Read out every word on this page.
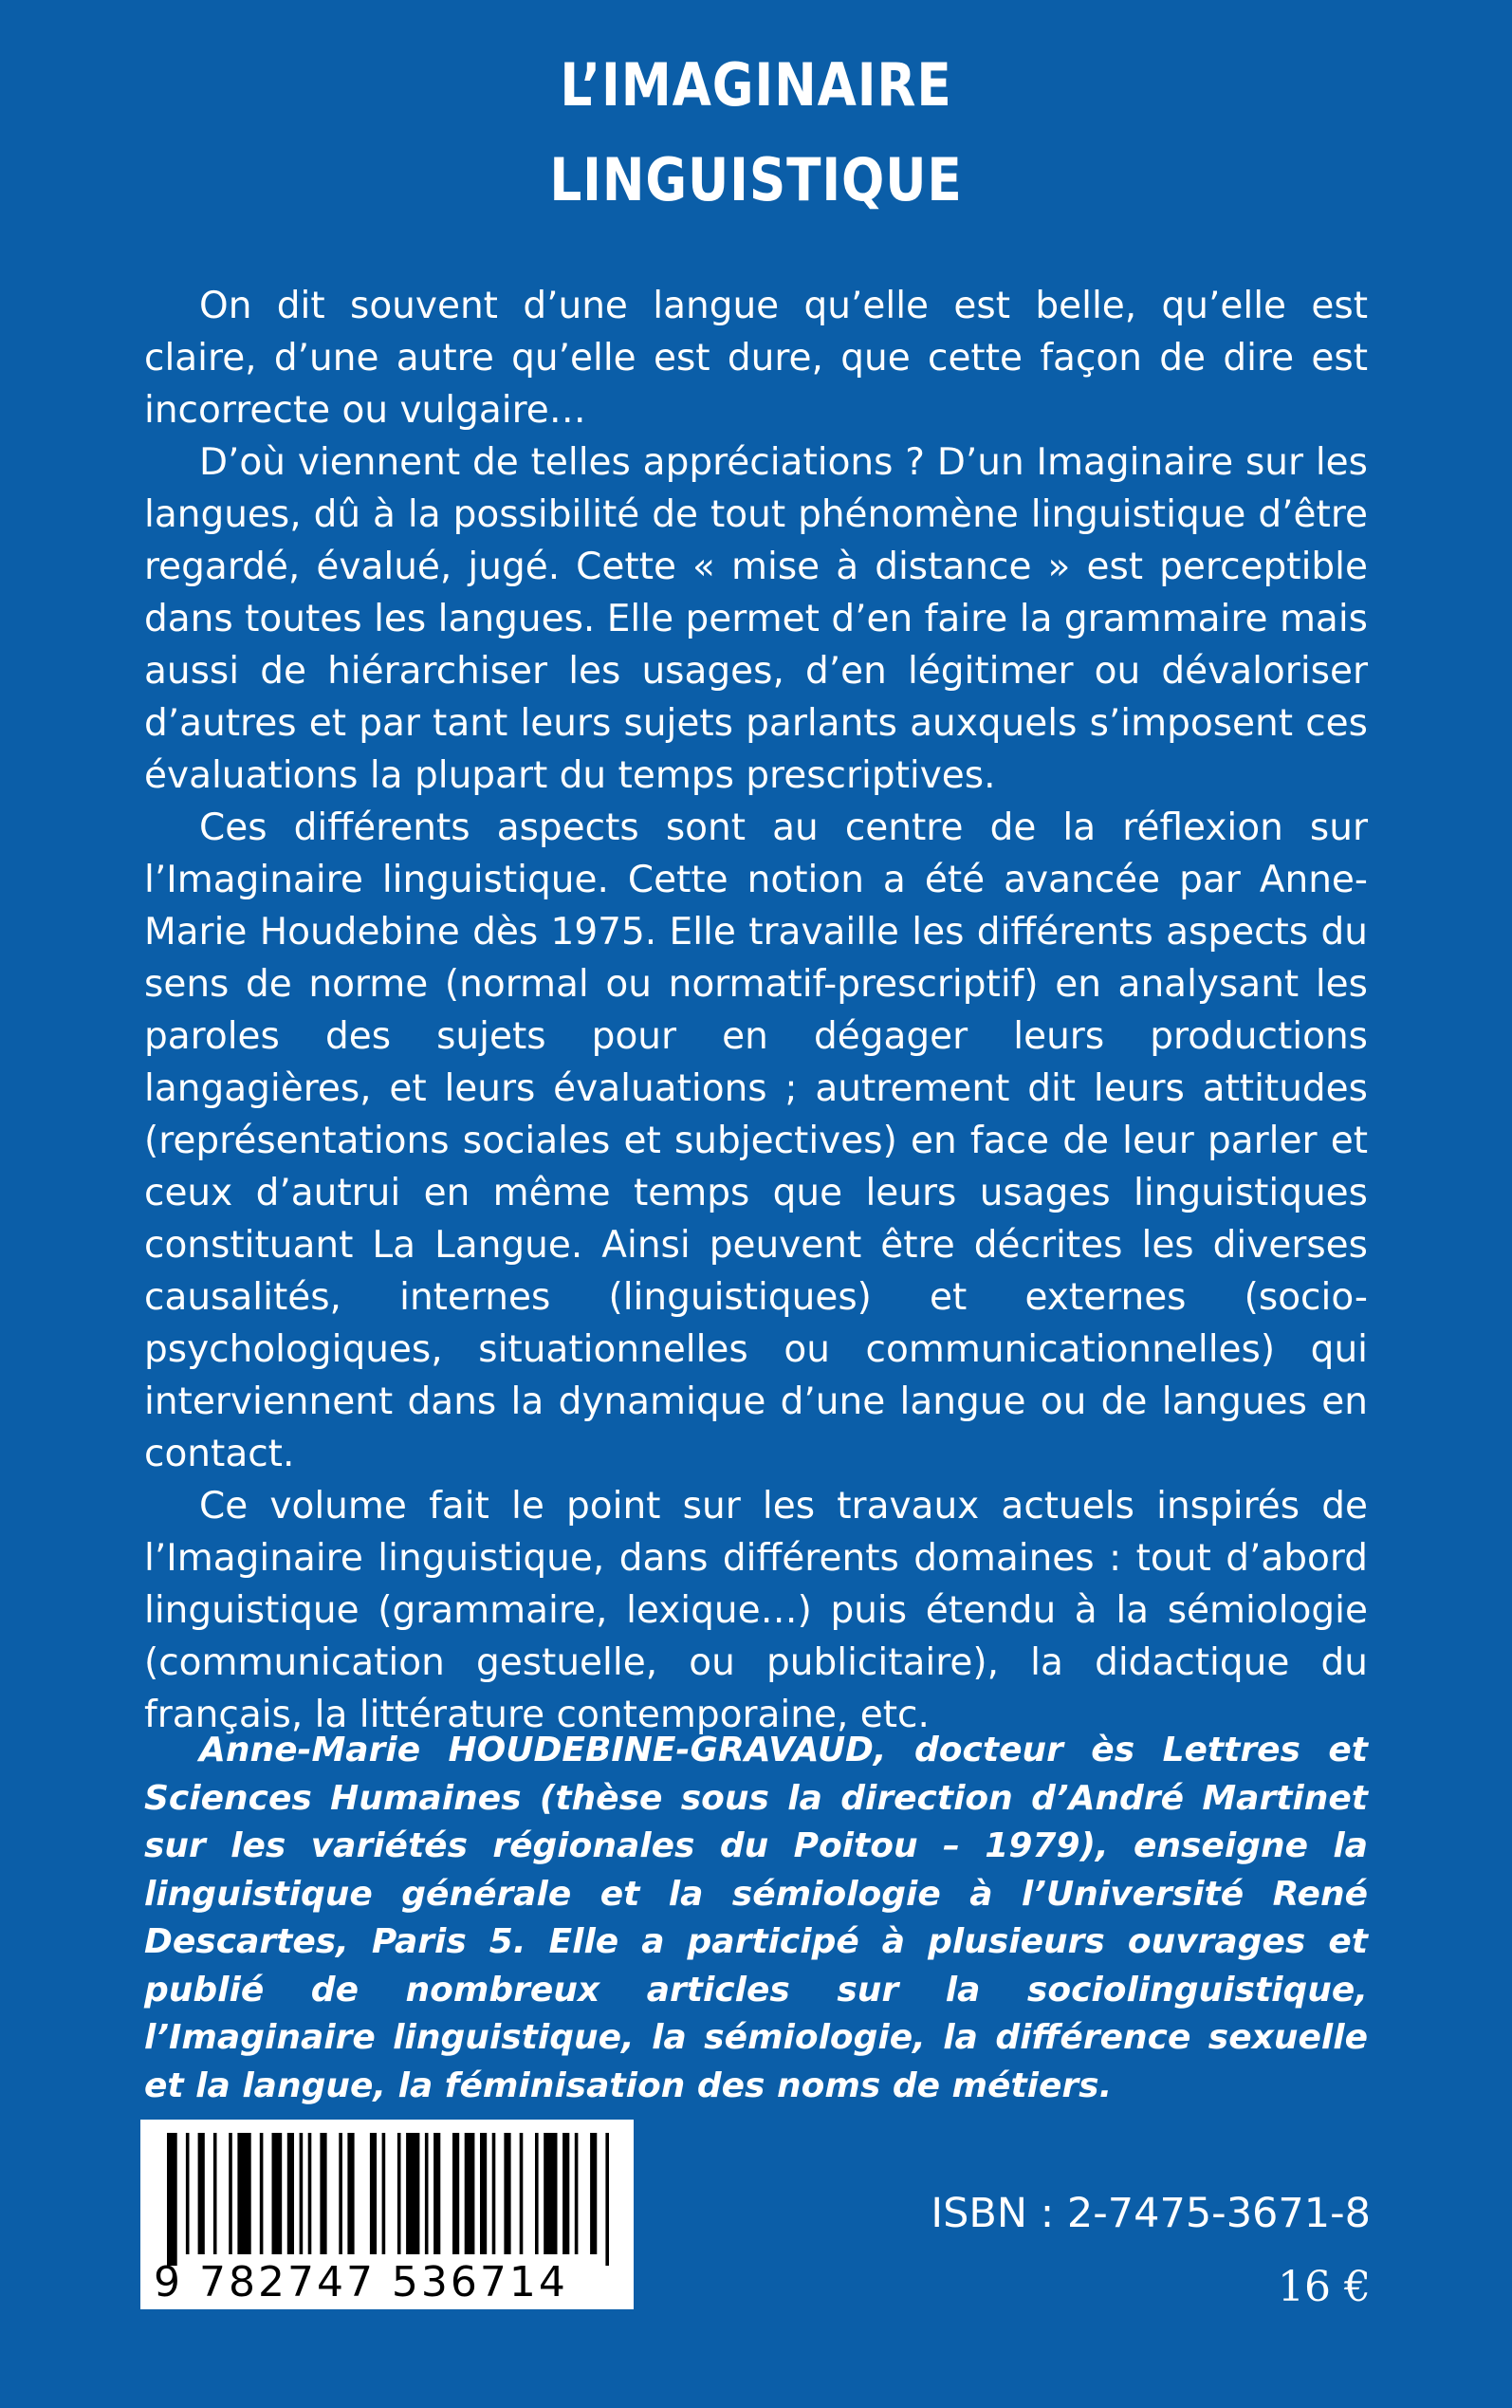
L’IMAGINAIRE
LINGUISTIQUE

On dit souvent d’une langue qu’elle est belle, qu’elle est claire, d’une autre qu’elle est dure, que cette façon de dire est incorrecte ou vulgaire…

D’où viennent de telles appréciations ? D’un Imaginaire sur les langues, dû à la possibilité de tout phénomène linguistique d’être regardé, évalué, jugé. Cette « mise à distance » est perceptible dans toutes les langues. Elle permet d’en faire la grammaire mais aussi de hiérarchiser les usages, d’en légitimer ou dévaloriser d’autres et par tant leurs sujets parlants auxquels s’imposent ces évaluations la plupart du temps prescriptives.

Ces différents aspects sont au centre de la réflexion sur l’Imaginaire linguistique. Cette notion a été avancée par Anne-Marie Houdebine dès 1975. Elle travaille les différents aspects du sens de norme (normal ou normatif-prescriptif) en analysant les paroles des sujets pour en dégager leurs productions langagières, et leurs évaluations ; autrement dit leurs attitudes (représentations sociales et subjectives) en face de leur parler et ceux d’autrui en même temps que leurs usages linguistiques constituant La Langue. Ainsi peuvent être décrites les diverses causalités, internes (linguistiques) et externes (socio-psychologiques, situationnelles ou communicationnelles) qui interviennent dans la dynamique d’une langue ou de langues en contact.

Ce volume fait le point sur les travaux actuels inspirés de l’Imaginaire linguistique, dans différents domaines : tout d’abord linguistique (grammaire, lexique…) puis étendu à la sémiologie (communication gestuelle, ou publicitaire), la didactique du français, la littérature contemporaine, etc.

Anne-Marie HOUDEBINE-GRAVAUD, docteur ès Lettres et Sciences Humaines (thèse sous la direction d’André Martinet sur les variétés régionales du Poitou – 1979), enseigne la linguistique générale et la sémiologie à l’Université René Descartes, Paris 5. Elle a participé à plusieurs ouvrages et publié de nombreux articles sur la sociolinguistique, l’Imaginaire linguistique, la sémiologie, la différence sexuelle et la langue, la féminisation des noms de métiers.

9 782747 536714
ISBN : 2-7475-3671-8
16 €
